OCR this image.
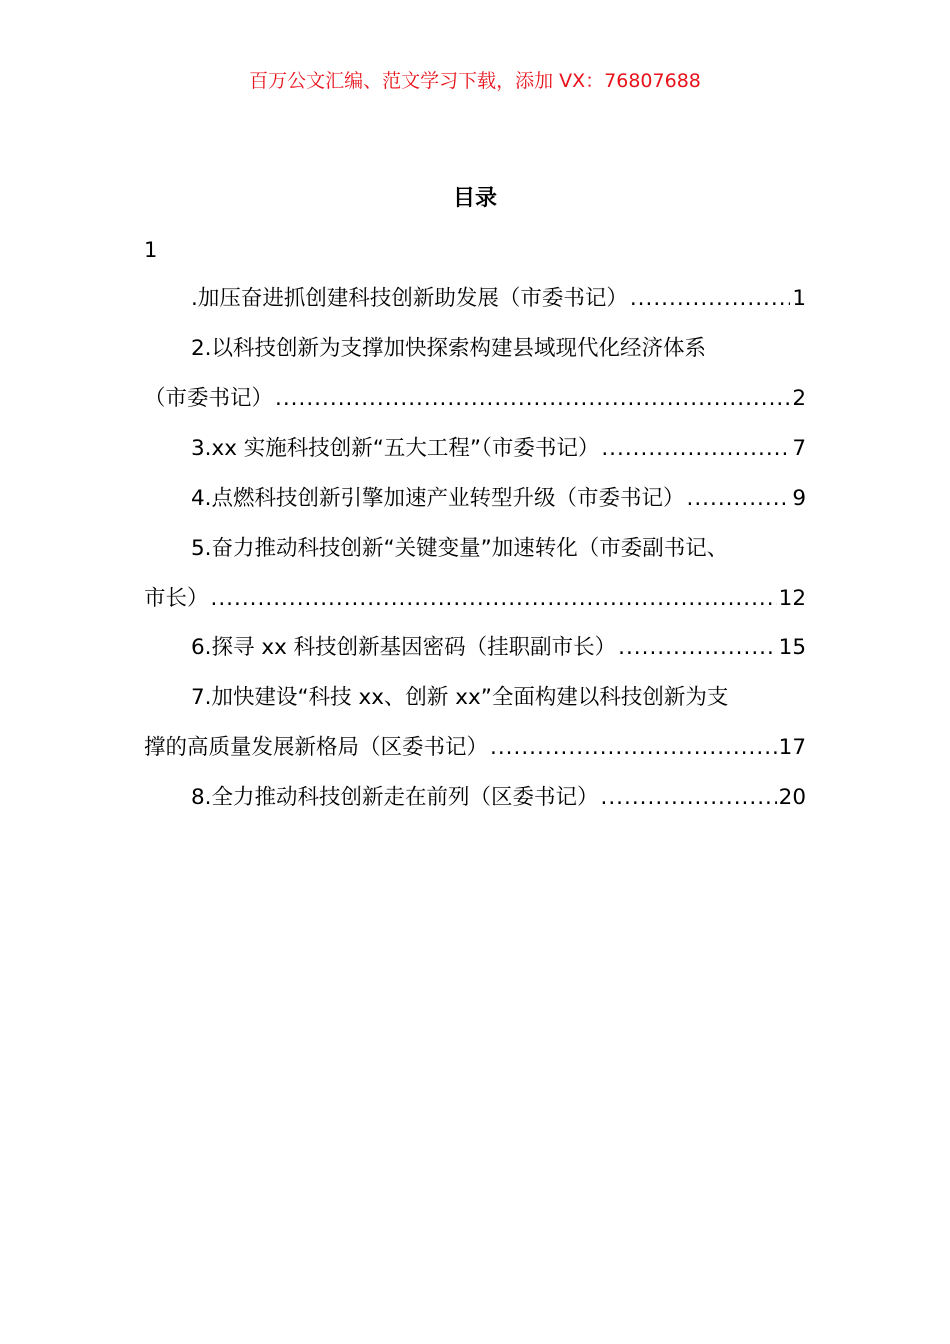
百万公文汇编、范文学习下载，添加 VX：76807688
目录
1
.加压奋进抓创建科技创新助发展（市委书记） .....	1
2.以科技创新为支撑加快探索构建县域现代化经济体系
（市委书记） .....	2
3.xx 实施科技创新“五大工程”（市委书记） .....	7
4.点燃科技创新引擎加速产业转型升级（市委书记） .....	9
5.奋力推动科技创新“关键变量”加速转化（市委副书记、
市长） .....	12
6.探寻 xx 科技创新基因密码（挂职副市长） .....	15
7.加快建设“科技 xx、创新 xx”全面构建以科技创新为支
撑的高质量发展新格局（区委书记） .....	17
8.全力推动科技创新走在前列（区委书记） .....	20
